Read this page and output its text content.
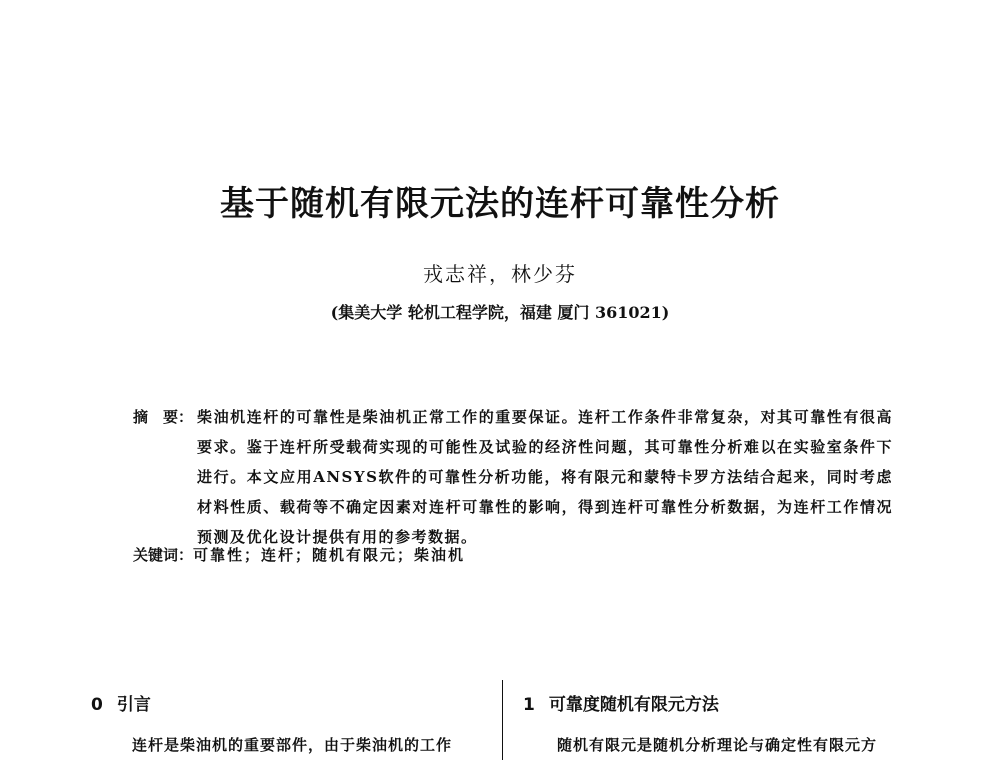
基于随机有限元法的连杆可靠性分析
戎志祥，林少芬
(集美大学 轮机工程学院，福建 厦门 361021)
摘　要： 柴油机连杆的可靠性是柴油机正常工作的重要保证。连杆工作条件非常复杂，对其可靠性有很高要求。鉴于连杆所受载荷实现的可能性及试验的经济性问题，其可靠性分析难以在实验室条件下进行。本文应用ANSYS软件的可靠性分析功能，将有限元和蒙特卡罗方法结合起来，同时考虑材料性质、载荷等不确定因素对连杆可靠性的影响，得到连杆可靠性分析数据，为连杆工作情况预测及优化设计提供有用的参考数据。
关键词：可靠性；连杆；随机有限元；柴油机
0 引言
连杆是柴油机的重要部件，由于柴油机的工作
1 可靠度随机有限元方法
随机有限元是随机分析理论与确定性有限元方
